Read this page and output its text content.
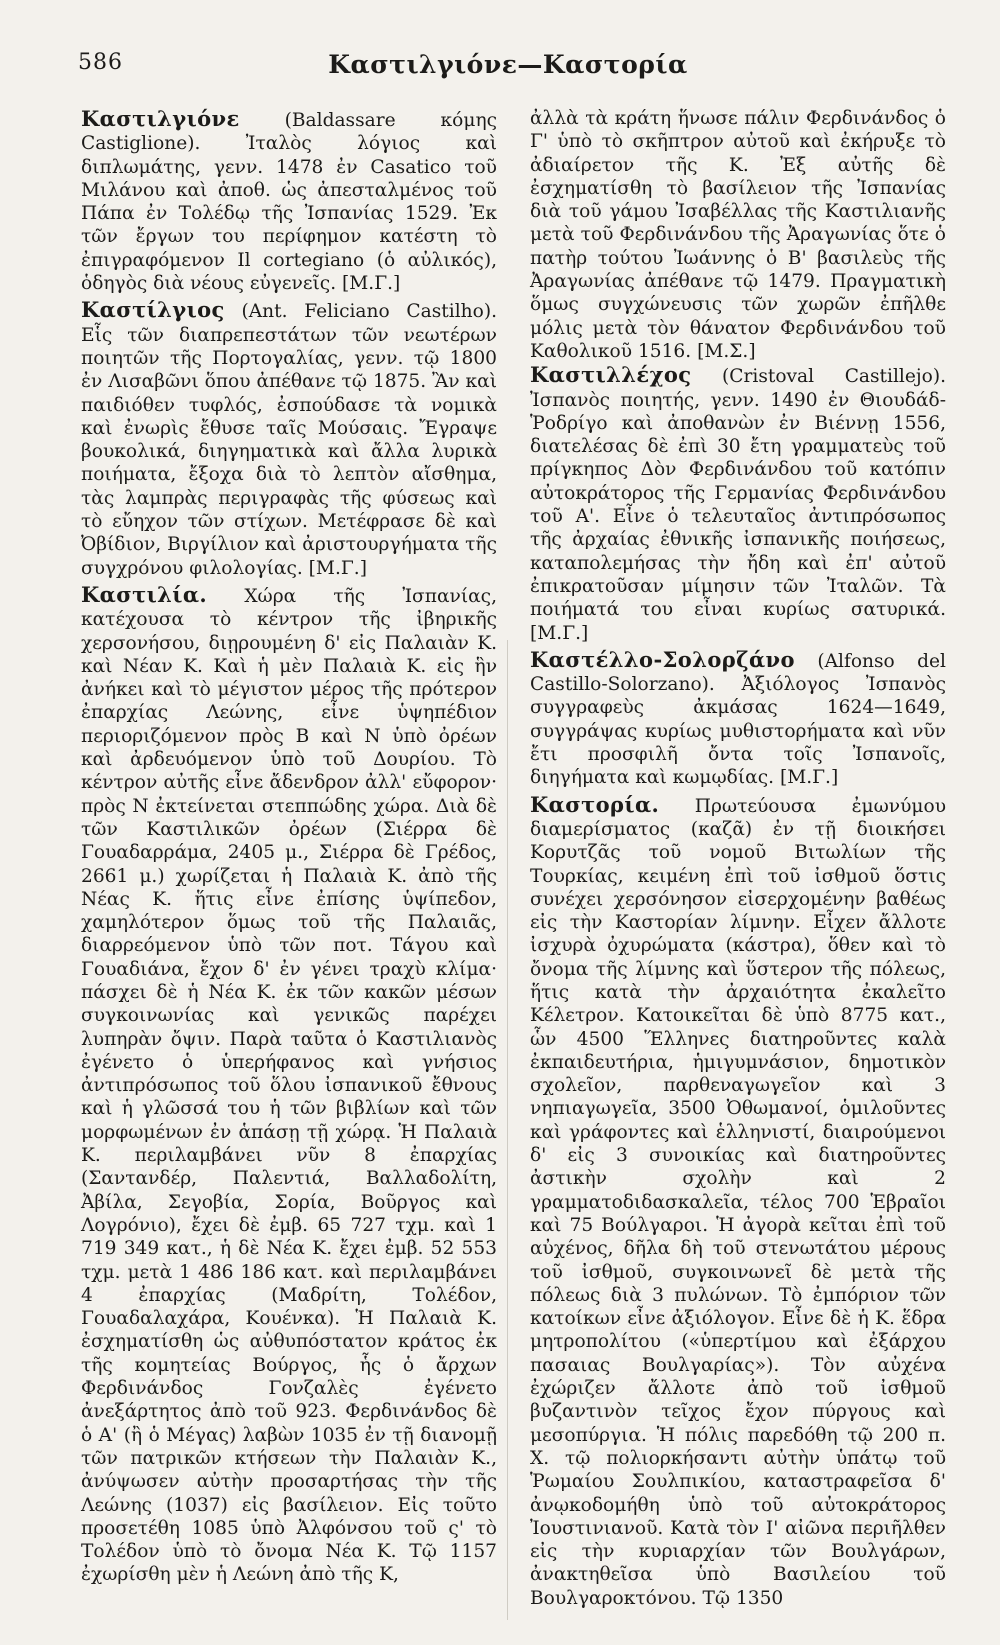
586	Καστιλγιόνε—Καστορία

Καστιλγιόνε (Baldassare κόμης Castiglione). Ἰταλὸς λόγιος καὶ διπλωμάτης, γενν. 1478 ἐν Casatico τοῦ Μιλάνου καὶ ἀποθ. ὡς ἀπεσταλμένος τοῦ Πάπα ἐν Τολέδῳ τῆς Ἰσπανίας 1529. Ἐκ τῶν ἔργων του περίφημον κατέστη τὸ ἐπιγραφόμενον Il cortegiano (ὁ αὐλικός), ὁδηγὸς διὰ νέους εὐγενεῖς. [Μ.Γ.]

Καστίλγιος (Ant. Feliciano Castilho). Εἷς τῶν διαπρεπεστάτων τῶν νεωτέρων ποιητῶν τῆς Πορτογαλίας, γενν. τῷ 1800 ἐν Λισαβῶνι ὅπου ἀπέθανε τῷ 1875. Ἂν καὶ παιδιόθεν τυφλός, ἐσπούδασε τὰ νομικὰ καὶ ἐνωρὶς ἔθυσε ταῖς Μούσαις. Ἔγραψε βουκολικά, διηγηματικὰ καὶ ἄλλα λυρικὰ ποιήματα, ἔξοχα διὰ τὸ λεπτὸν αἴσθημα, τὰς λαμπρὰς περιγραφὰς τῆς φύσεως καὶ τὸ εὔηχον τῶν στίχων. Μετέφρασε δὲ καὶ Ὀβίδιον, Βιργίλιον καὶ ἀριστουργήματα τῆς συγχρόνου φιλολογίας. [Μ.Γ.]

Καστιλία. Χώρα τῆς Ἰσπανίας, κατέχουσα τὸ κέντρον τῆς ἰβηρικῆς χερσονήσου, διῃρουμένη δ' εἰς Παλαιὰν Κ. καὶ Νέαν Κ. Καὶ ἡ μὲν Παλαιὰ Κ. εἰς ἣν ἀνήκει καὶ τὸ μέγιστον μέρος τῆς πρότερον ἐπαρχίας Λεώνης, εἶνε ὑψηπέδιον περιοριζόμενον πρὸς Β καὶ Ν ὑπὸ ὀρέων καὶ ἀρδευόμενον ὑπὸ τοῦ Δουρίου. Τὸ κέντρον αὐτῆς εἶνε ἄδενδρον ἀλλ' εὔφορον· πρὸς Ν ἐκτείνεται στεππώδης χώρα. Διὰ δὲ τῶν Καστιλικῶν ὀρέων (Σιέρρα δὲ Γουαδαρράμα, 2405 μ., Σιέρρα δὲ Γρέδος, 2661 μ.) χωρίζεται ἡ Παλαιὰ Κ. ἀπὸ τῆς Νέας Κ. ἥτις εἶνε ἐπίσης ὑψίπεδον, χαμηλότερον ὅμως τοῦ τῆς Παλαιᾶς, διαρρεόμενον ὑπὸ τῶν ποτ. Τάγου καὶ Γουαδιάνα, ἔχον δ' ἐν γένει τραχὺ κλίμα· πάσχει δὲ ἡ Νέα Κ. ἐκ τῶν κακῶν μέσων συγκοινωνίας καὶ γενικῶς παρέχει λυπηρὰν ὄψιν. Παρὰ ταῦτα ὁ Καστιλιανὸς ἐγένετο ὁ ὑπερήφανος καὶ γνήσιος ἀντιπρόσωπος τοῦ ὅλου ἰσπανικοῦ ἔθνους καὶ ἡ γλῶσσά του ἡ τῶν βιβλίων καὶ τῶν μορφωμένων ἐν ἁπάσῃ τῇ χώρᾳ. Ἡ Παλαιὰ Κ. περιλαμβάνει νῦν 8 ἐπαρχίας (Σαντανδέρ, Παλεντιά, Βαλλαδολίτη, Ἀβίλα, Σεγοβία, Σορία, Βοῦργος καὶ Λογρόνιο), ἔχει δὲ ἐμβ. 65 727 τχμ. καὶ 1 719 349 κατ., ἡ δὲ Νέα Κ. ἔχει ἐμβ. 52 553 τχμ. μετὰ 1 486 186 κατ. καὶ περιλαμβάνει 4 ἐπαρχίας (Μαδρίτη, Τολέδον, Γουαδαλαχάρα, Κουένκα). Ἡ Παλαιὰ Κ. ἐσχηματίσθη ὡς αὐθυπόστατον κράτος ἐκ τῆς κομητείας Βούργος, ἧς ὁ ἄρχων Φερδινάνδος Γονζαλὲς ἐγένετο ἀνεξάρτητος ἀπὸ τοῦ 923. Φερδινάνδος δὲ ὁ Α' (ἢ ὁ Μέγας) λαβὼν 1035 ἐν τῇ διανομῇ τῶν πατρικῶν κτήσεων τὴν Παλαιὰν Κ., ἀνύψωσεν αὐτὴν προσαρτήσας τὴν τῆς Λεώνης (1037) εἰς βασίλειον. Εἰς τοῦτο προσετέθη 1085 ὑπὸ Ἀλφόνσου τοῦ ς' τὸ Τολέδον ὑπὸ τὸ ὄνομα Νέα Κ. Τῷ 1157 ἐχωρίσθη μὲν ἡ Λεώνη ἀπὸ τῆς Κ,

ἀλλὰ τὰ κράτη ἥνωσε πάλιν Φερδινάνδος ὁ Γ' ὑπὸ τὸ σκῆπτρον αὐτοῦ καὶ ἐκήρυξε τὸ ἀδιαίρετον τῆς Κ. Ἐξ αὐτῆς δὲ ἐσχηματίσθη τὸ βασίλειον τῆς Ἰσπανίας διὰ τοῦ γάμου Ἰσαβέλλας τῆς Καστιλιανῆς μετὰ τοῦ Φερδινάνδου τῆς Ἀραγωνίας ὅτε ὁ πατὴρ τούτου Ἰωάννης ὁ Β' βασιλεὺς τῆς Ἀραγωνίας ἀπέθανε τῷ 1479. Πραγματικὴ ὅμως συγχώνευσις τῶν χωρῶν ἐπῆλθε μόλις μετὰ τὸν θάνατον Φερδινάνδου τοῦ Καθολικοῦ 1516. [Μ.Σ.]

Καστιλλέχος (Cristoval Castillejo). Ἰσπανὸς ποιητής, γενν. 1490 ἐν Θιουδάδ-Ῥοδρίγο καὶ ἀποθανὼν ἐν Βιέννῃ 1556, διατελέσας δὲ ἐπὶ 30 ἔτη γραμματεὺς τοῦ πρίγκηπος Δὸν Φερδινάνδου τοῦ κατόπιν αὐτοκράτορος τῆς Γερμανίας Φερδινάνδου τοῦ Α'. Εἶνε ὁ τελευταῖος ἀντιπρόσωπος τῆς ἀρχαίας ἐθνικῆς ἰσπανικῆς ποιήσεως, καταπολεμήσας τὴν ἤδη καὶ ἐπ' αὐτοῦ ἐπικρατοῦσαν μίμησιν τῶν Ἰταλῶν. Τὰ ποιήματά του εἶναι κυρίως σατυρικά. [Μ.Γ.]

Καστέλλο-Σολορζάνο (Alfonso del Castillo-Solorzano). Ἀξιόλογος Ἰσπανὸς συγγραφεὺς ἀκμάσας 1624—1649, συγγράψας κυρίως μυθιστορήματα καὶ νῦν ἔτι προσφιλῆ ὄντα τοῖς Ἰσπανοῖς, διηγήματα καὶ κωμῳδίας. [Μ.Γ.]

Καστορία. Πρωτεύουσα ἐμωνύμου διαμερίσματος (καζᾶ) ἐν τῇ διοικήσει Κορυτζᾶς τοῦ νομοῦ Βιτωλίων τῆς Τουρκίας, κειμένη ἐπὶ τοῦ ἰσθμοῦ ὅστις συνέχει χερσόνησον εἰσερχομένην βαθέως εἰς τὴν Καστορίαν λίμνην. Εἶχεν ἄλλοτε ἰσχυρὰ ὀχυρώματα (κάστρα), ὅθεν καὶ τὸ ὄνομα τῆς λίμνης καὶ ὕστερον τῆς πόλεως, ἥτις κατὰ τὴν ἀρχαιότητα ἐκαλεῖτο Κέλετρον. Κατοικεῖται δὲ ὑπὸ 8775 κατ., ὧν 4500 Ἕλληνες διατηροῦντες καλὰ ἐκπαιδευτήρια, ἡμιγυμνάσιον, δημοτικὸν σχολεῖον, παρθεναγωγεῖον καὶ 3 νηπιαγωγεῖα, 3500 Ὀθωμανοί, ὁμιλοῦντες καὶ γράφοντες καὶ ἑλληνιστί, διαιρούμενοι δ' εἰς 3 συνοικίας καὶ διατηροῦντες ἀστικὴν σχολὴν καὶ 2 γραμματοδιδασκαλεῖα, τέλος 700 Ἑβραῖοι καὶ 75 Βούλγαροι. Ἡ ἀγορὰ κεῖται ἐπὶ τοῦ αὐχένος, δῆλα δὴ τοῦ στενωτάτου μέρους τοῦ ἰσθμοῦ, συγκοινωνεῖ δὲ μετὰ τῆς πόλεως διὰ 3 πυλώνων. Τὸ ἐμπόριον τῶν κατοίκων εἶνε ἀξιόλογον. Εἶνε δὲ ἡ Κ. ἕδρα μητροπολίτου («ὑπερτίμου καὶ ἐξάρχου πασαιας Βουλγαρίας»). Τὸν αὐχένα ἐχώριζεν ἄλλοτε ἀπὸ τοῦ ἰσθμοῦ βυζαντινὸν τεῖχος ἔχον πύργους καὶ μεσοπύργια. Ἡ πόλις παρεδόθη τῷ 200 π. Χ. τῷ πολιορκήσαντι αὐτὴν ὑπάτῳ τοῦ Ῥωμαίου Σουλπικίου, καταστραφεῖσα δ' ἀνῳκοδομήθη ὑπὸ τοῦ αὐτοκράτορος Ἰουστινιανοῦ. Κατὰ τὸν Ι' αἰῶνα περιῆλθεν εἰς τὴν κυριαρχίαν τῶν Βουλγάρων, ἀνακτηθεῖσα ὑπὸ Βασιλείου τοῦ Βουλγαροκτόνου. Τῷ 1350
